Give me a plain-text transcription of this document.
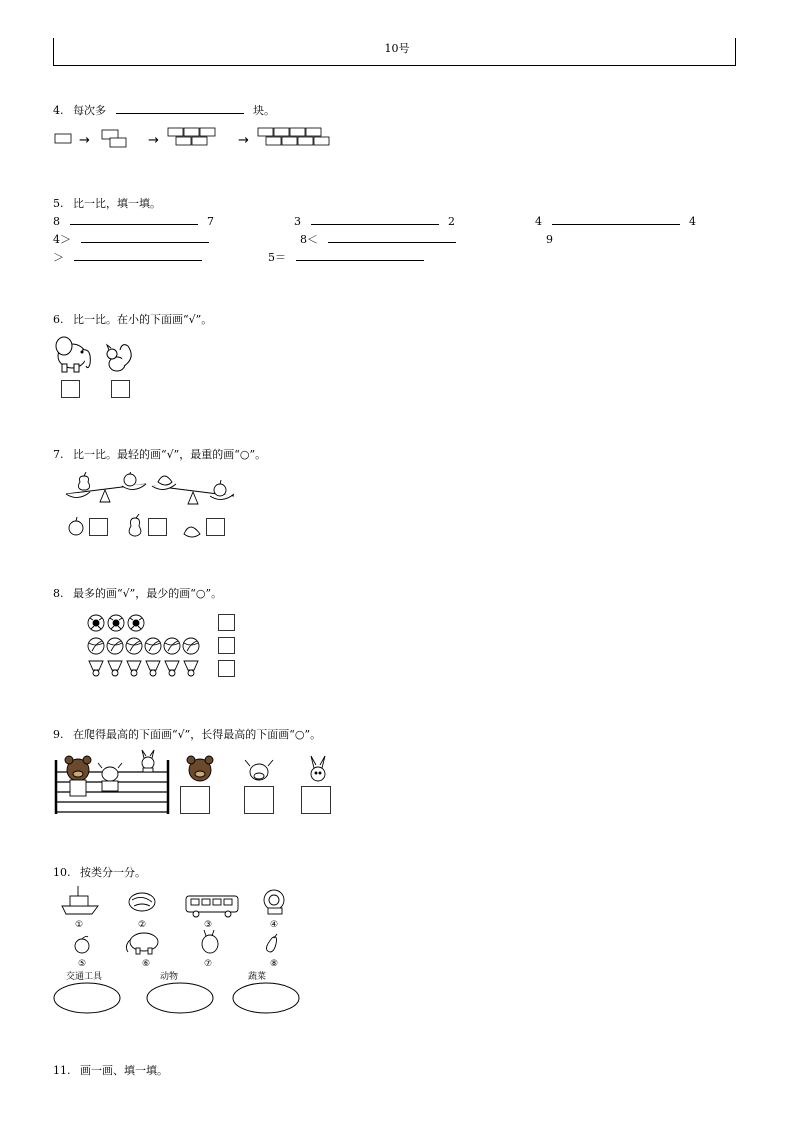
10号
4. 每次多	块。
→	→	→
5. 比一比，填一填。
8	7	3	2	4	4
4＞	8＜	9
＞	5＝
6. 比一比。在小的下面画“√”。
7. 比一比。最轻的画“√”，最重的画“○”。
8. 最多的画“√”，最少的画“○”。
9. 在爬得最高的下面画“√”，长得最高的下面画“○”。
10. 按类分一分。
①	②	③	④
⑤	⑥	⑦	⑧
交通工具	动物	蔬菜
11. 画一画、填一填。
